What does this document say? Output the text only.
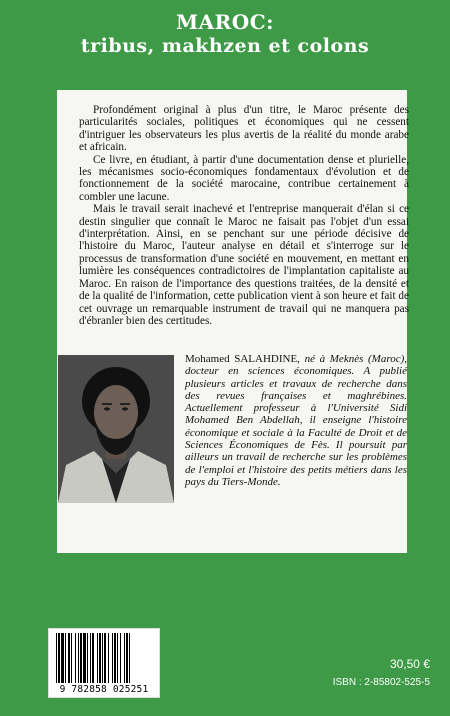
MAROC:
tribus, makhzen et colons

Profondément original à plus d'un titre, le Maroc présente des particularités sociales, politiques et économiques qui ne cessent d'intriguer les observateurs les plus avertis de la réalité du monde arabe et africain.

Ce livre, en étudiant, à partir d'une documentation dense et plurielle, les mécanismes socio-économiques fondamentaux d'évolution et de fonctionnement de la société marocaine, contribue certainement à combler une lacune.

Mais le travail serait inachevé et l'entreprise manquerait d'élan si ce destin singulier que connaît le Maroc ne faisait pas l'objet d'un essai d'interprétation. Ainsi, en se penchant sur une période décisive de l'histoire du Maroc, l'auteur analyse en détail et s'interroge sur le processus de transformation d'une société en mouvement, en mettant en lumière les conséquences contradictoires de l'implantation capitaliste au Maroc. En raison de l'importance des questions traitées, de la densité et de la qualité de l'information, cette publication vient à son heure et fait de cet ouvrage un remarquable instrument de travail qui ne manquera pas d'ébranler bien des certitudes.

Mohamed SALAHDINE, né à Meknès (Maroc), docteur en sciences économiques. A publié plusieurs articles et travaux de recherche dans des revues françaises et maghrébines. Actuellement professeur à l'Université Sidi Mohamed Ben Abdellah, il enseigne l'histoire économique et sociale à la Faculté de Droit et de Sciences Économiques de Fès. Il poursuit par ailleurs un travail de recherche sur les problèmes de l'emploi et l'histoire des petits métiers dans les pays du Tiers-Monde.
9 782858 025251
30,50 €
ISBN : 2-85802-525-5
